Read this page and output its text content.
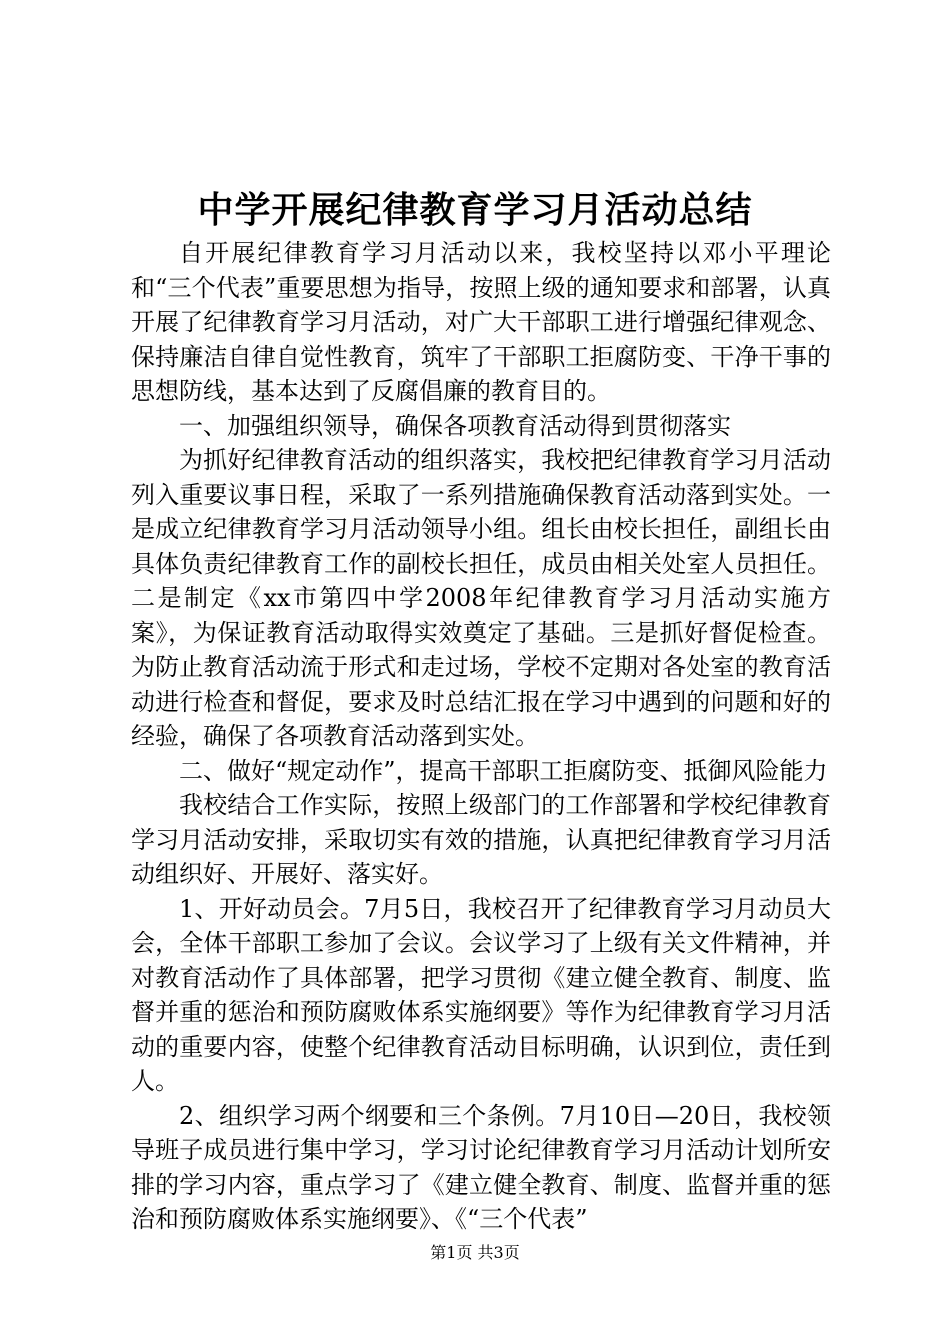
中学开展纪律教育学习月活动总结

自开展纪律教育学习月活动以来，我校坚持以邓小平理论和“三个代表”重要思想为指导，按照上级的通知要求和部署，认真开展了纪律教育学习月活动，对广大干部职工进行增强纪律观念、保持廉洁自律自觉性教育，筑牢了干部职工拒腐防变、干净干事的思想防线，基本达到了反腐倡廉的教育目的。

一、加强组织领导，确保各项教育活动得到贯彻落实

为抓好纪律教育活动的组织落实，我校把纪律教育学习月活动列入重要议事日程，采取了一系列措施确保教育活动落到实处。一是成立纪律教育学习月活动领导小组。组长由校长担任，副组长由具体负责纪律教育工作的副校长担任，成员由相关处室人员担任。二是制定《xx市第四中学2008年纪律教育学习月活动实施方案》，为保证教育活动取得实效奠定了基础。三是抓好督促检查。为防止教育活动流于形式和走过场，学校不定期对各处室的教育活动进行检查和督促，要求及时总结汇报在学习中遇到的问题和好的经验，确保了各项教育活动落到实处。

二、做好“规定动作”，提高干部职工拒腐防变、抵御风险能力

我校结合工作实际，按照上级部门的工作部署和学校纪律教育学习月活动安排，采取切实有效的措施，认真把纪律教育学习月活动组织好、开展好、落实好。

1、开好动员会。7月5日，我校召开了纪律教育学习月动员大会，全体干部职工参加了会议。会议学习了上级有关文件精神，并对教育活动作了具体部署，把学习贯彻《建立健全教育、制度、监督并重的惩治和预防腐败体系实施纲要》等作为纪律教育学习月活动的重要内容，使整个纪律教育活动目标明确，认识到位，责任到人。

2、组织学习两个纲要和三个条例。7月10日—20日，我校领导班子成员进行集中学习，学习讨论纪律教育学习月活动计划所安排的学习内容，重点学习了《建立健全教育、制度、监督并重的惩治和预防腐败体系实施纲要》、《“三个代表”

第1页 共3页
